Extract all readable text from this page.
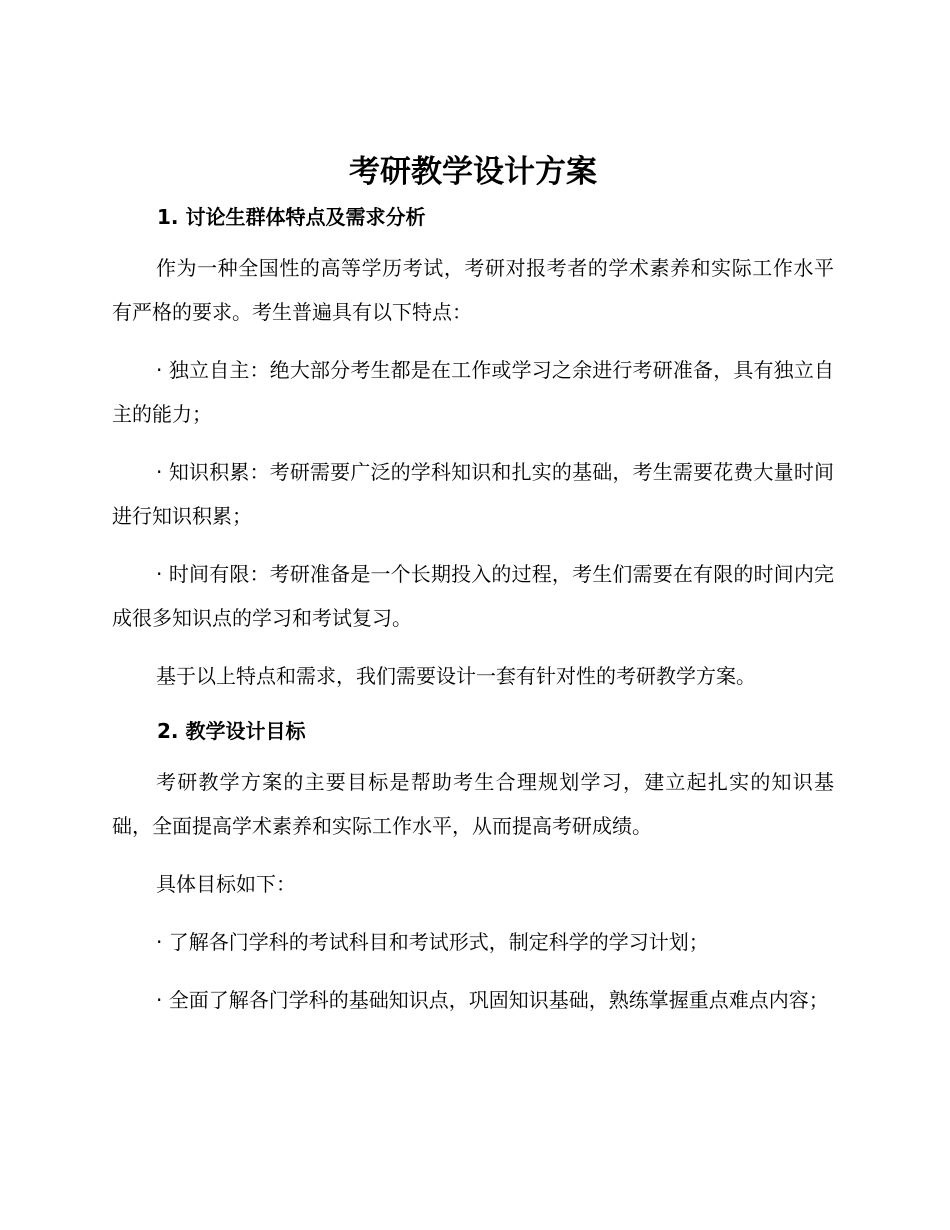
考研教学设计方案
1. 讨论生群体特点及需求分析

作为一种全国性的高等学历考试，考研对报考者的学术素养和实际工作水平有严格的要求。考生普遍具有以下特点：

· 独立自主：绝大部分考生都是在工作或学习之余进行考研准备，具有独立自主的能力；

· 知识积累：考研需要广泛的学科知识和扎实的基础，考生需要花费大量时间进行知识积累；

· 时间有限：考研准备是一个长期投入的过程，考生们需要在有限的时间内完成很多知识点的学习和考试复习。

基于以上特点和需求，我们需要设计一套有针对性的考研教学方案。

2. 教学设计目标

考研教学方案的主要目标是帮助考生合理规划学习，建立起扎实的知识基础，全面提高学术素养和实际工作水平，从而提高考研成绩。

具体目标如下：

· 了解各门学科的考试科目和考试形式，制定科学的学习计划；

· 全面了解各门学科的基础知识点，巩固知识基础，熟练掌握重点难点内容；
